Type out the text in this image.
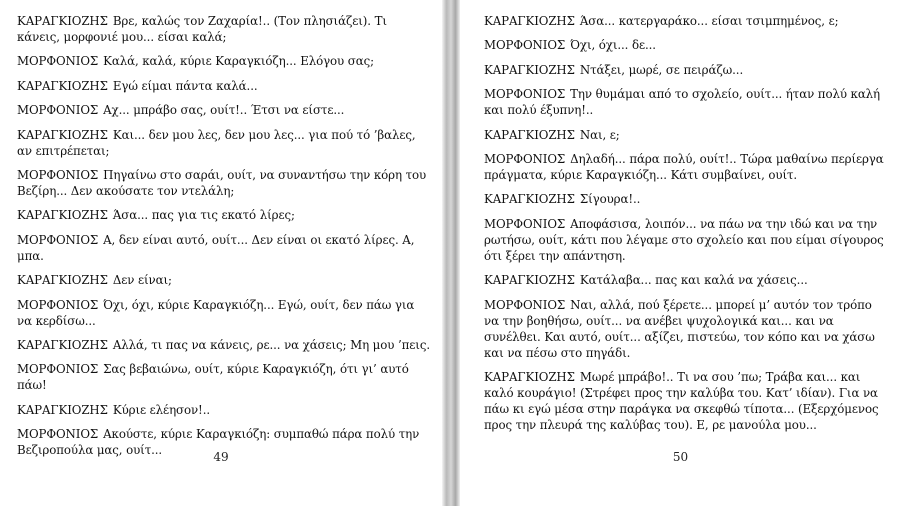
ΚΑΡΑΓΚΙΟΖΗΣ Βρε, καλώς τον Ζαχαρία!.. (Τον πλησιάζει). Τι κάνεις, μορφονιέ μου... είσαι καλά;

ΜΟΡΦΟΝΙΟΣ Καλά, καλά, κύριε Καραγκιόζη... Ελόγου σας;

ΚΑΡΑΓΚΙΟΖΗΣ Εγώ είμαι πάντα καλά...

ΜΟΡΦΟΝΙΟΣ Αχ... μπράβο σας, ουίτ!.. Έτσι να είστε...

ΚΑΡΑΓΚΙΟΖΗΣ Και... δεν μου λες, δεν μου λες... για πού τό ’βαλες, αν επιτρέπεται;

ΜΟΡΦΟΝΙΟΣ Πηγαίνω στο σαράι, ουίτ, να συναντήσω την κόρη του Βεζίρη... Δεν ακούσατε τον ντελάλη;

ΚΑΡΑΓΚΙΟΖΗΣ Άσα... πας για τις εκατό λίρες;

ΜΟΡΦΟΝΙΟΣ Α, δεν είναι αυτό, ουίτ... Δεν είναι οι εκατό λίρες. Α, μπα.

ΚΑΡΑΓΚΙΟΖΗΣ Δεν είναι;

ΜΟΡΦΟΝΙΟΣ Όχι, όχι, κύριε Καραγκιόζη... Εγώ, ουίτ, δεν πάω για να κερδίσω...

ΚΑΡΑΓΚΙΟΖΗΣ Αλλά, τι πας να κάνεις, ρε... να χάσεις; Μη μου ’πεις.

ΜΟΡΦΟΝΙΟΣ Σας βεβαιώνω, ουίτ, κύριε Καραγκιόζη, ότι γι’ αυτό πάω!

ΚΑΡΑΓΚΙΟΖΗΣ Κύριε ελέησον!..

ΜΟΡΦΟΝΙΟΣ Ακούστε, κύριε Καραγκιόζη: συμπαθώ πάρα πολύ την Βεζιροπούλα μας, ουίτ...	49

ΚΑΡΑΓΚΙΟΖΗΣ Άσα... κατεργαράκο... είσαι τσιμπημένος, ε;

ΜΟΡΦΟΝΙΟΣ Όχι, όχι... δε...

ΚΑΡΑΓΚΙΟΖΗΣ Ντάξει, μωρέ, σε πειράζω...

ΜΟΡΦΟΝΙΟΣ Την θυμάμαι από το σχολείο, ουίτ... ήταν πολύ καλή και πολύ έξυπνη!..

ΚΑΡΑΓΚΙΟΖΗΣ Ναι, ε;

ΜΟΡΦΟΝΙΟΣ Δηλαδή... πάρα πολύ, ουίτ!.. Τώρα μαθαίνω περίεργα πράγματα, κύριε Καραγκιόζη... Κάτι συμβαίνει, ουίτ.

ΚΑΡΑΓΚΙΟΖΗΣ Σίγουρα!..

ΜΟΡΦΟΝΙΟΣ Αποφάσισα, λοιπόν... να πάω να την ιδώ και να την ρωτήσω, ουίτ, κάτι που λέγαμε στο σχολείο και που είμαι σίγουρος ότι ξέρει την απάντηση.

ΚΑΡΑΓΚΙΟΖΗΣ Κατάλαβα... πας και καλά να χάσεις...

ΜΟΡΦΟΝΙΟΣ Ναι, αλλά, πού ξέρετε... μπορεί μ’ αυτόν τον τρόπο να την βοηθήσω, ουίτ... να ανέβει ψυχολογικά και... και να συνέλθει. Και αυτό, ουίτ... αξίζει, πιστεύω, τον κόπο και να χάσω και να πέσω στο πηγάδι.

ΚΑΡΑΓΚΙΟΖΗΣ Μωρέ μπράβο!.. Τι να σου ’πω; Τράβα και... και καλό κουράγιο! (Στρέφει προς την καλύβα του. Κατ’ ιδίαν). Για να πάω κι εγώ μέσα στην παράγκα να σκεφθώ τίποτα... (Εξερχόμενος προς την πλευρά της καλύβας του). Ε, ρε μανούλα μου...

50
